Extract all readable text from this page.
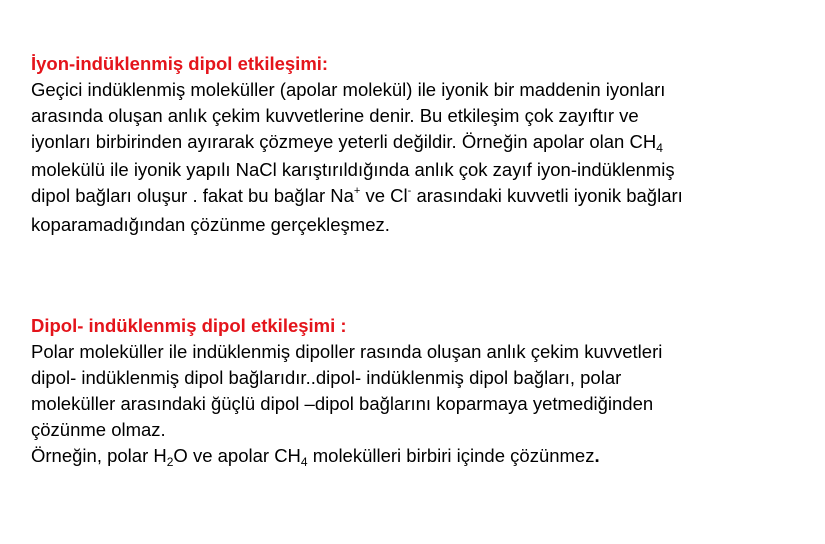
İyon-indüklenmiş dipol etkileşimi:
Geçici indüklenmiş moleküller (apolar molekül) ile iyonik bir maddenin iyonları
arasında oluşan anlık çekim kuvvetlerine denir. Bu etkileşim çok zayıftır ve
iyonları birbirinden ayırarak çözmeye yeterli değildir. Örneğin apolar olan $CH_4$
molekülü ile iyonik yapılı NaCl karıştırıldığında anlık çok zayıf iyon-indüklenmiş
dipol bağları oluşur . fakat bu bağlar Na+ ve Cl- arasındaki kuvvetli iyonik bağları
koparamadığından çözünme gerçekleşmez.
Dipol- indüklenmiş dipol etkileşimi :
Polar moleküller ile indüklenmiş dipoller rasında oluşan anlık çekim kuvvetleri
dipol- indüklenmiş dipol bağlarıdır..dipol- indüklenmiş dipol bağları, polar
moleküller arasındaki ğüçlü dipol –dipol bağlarını koparmaya yetmediğinden
çözünme olmaz.
Örneğin, polar $H_2O$ ve apolar $CH_4$ molekülleri birbiri içinde çözünmez.
